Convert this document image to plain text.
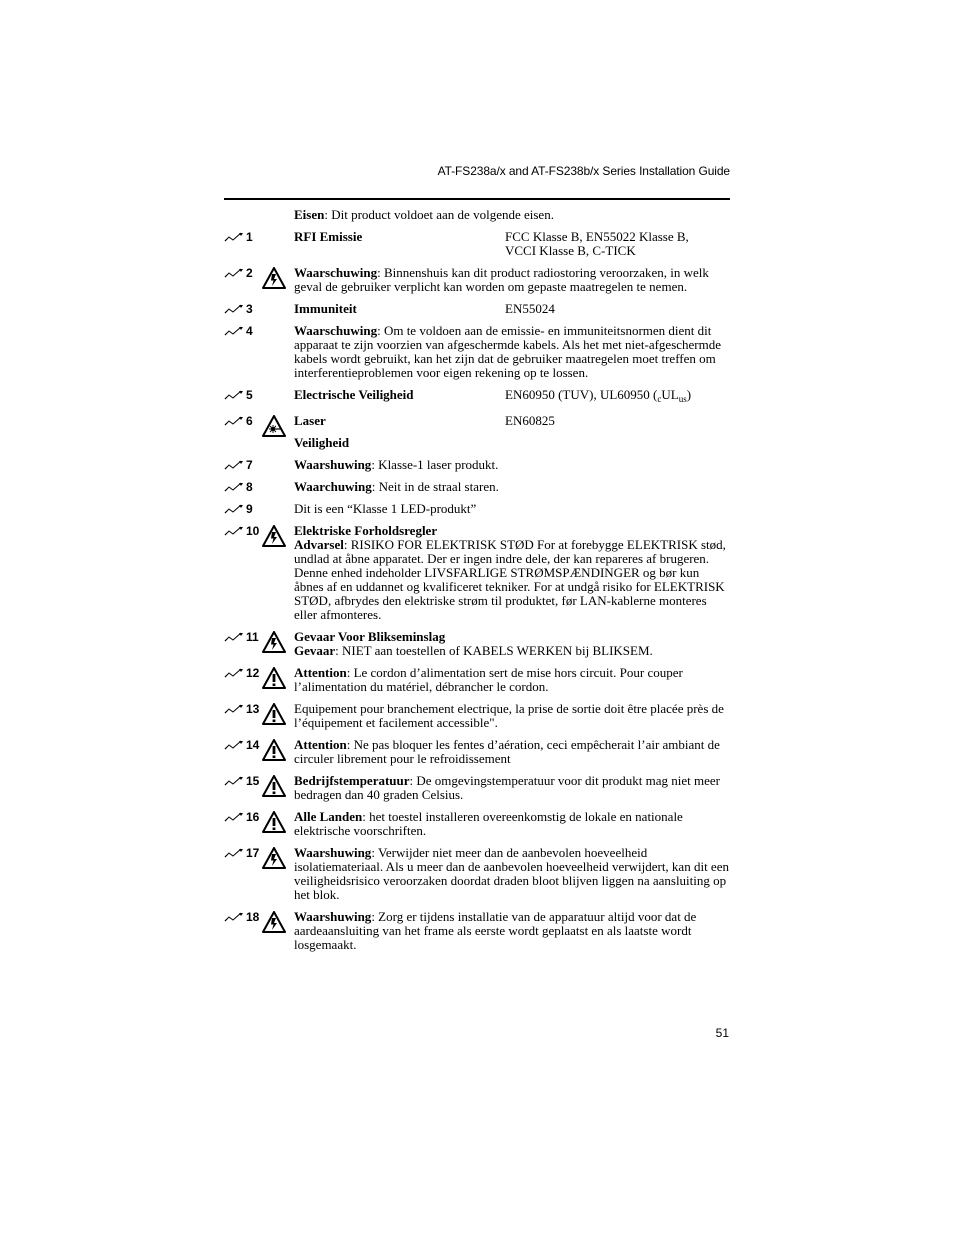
AT-FS238a/x and AT-FS238b/x Series Installation Guide
Eisen: Dit product voldoet aan de volgende eisen.
1	RFI Emissie	FCC Klasse B, EN55022 Klasse B,
VCCI Klasse B, C-TICK
2	Waarschuwing: Binnenshuis kan dit product radiostoring veroorzaken, in welk geval de gebruiker verplicht kan worden om gepaste maatregelen te nemen.
3	Immuniteit	EN55024
4	Waarschuwing: Om te voldoen aan de emissie- en immuniteitsnormen dient dit apparaat te zijn voorzien van afgeschermde kabels. Als het met niet-afgeschermde kabels wordt gebruikt, kan het zijn dat de gebruiker maatregelen moet treffen om interferentieproblemen voor eigen rekening op te lossen.
5	Electrische Veiligheid	EN60950 (TUV), UL60950 $(_cUL_{us})$
6	Laser	EN60825
Veiligheid
7	Waarshuwing: Klasse-1 laser produkt.
8	Waarchuwing: Neit in de straal staren.
9	Dit is een “Klasse 1 LED-produkt”
10	Elektriske Forholdsregler
Advarsel: RISIKO FOR ELEKTRISK STØD For at forebygge ELEKTRISK stød, undlad at åbne apparatet. Der er ingen indre dele, der kan repareres af brugeren. Denne enhed indeholder LIVSFARLIGE STRØMSPÆNDINGER og bør kun åbnes af en uddannet og kvalificeret tekniker. For at undgå risiko for ELEKTRISK STØD, afbrydes den elektriske strøm til produktet, før LAN-kablerne monteres eller afmonteres.
11	Gevaar Voor Blikseminslag
Gevaar: NIET aan toestellen of KABELS WERKEN bij BLIKSEM.
12	Attention: Le cordon d’alimentation sert de mise hors circuit. Pour couper l’alimentation du matériel, débrancher le cordon.
13	Equipement pour branchement electrique, la prise de sortie doit être placée près de l’équipement et facilement accessible".
14	Attention: Ne pas bloquer les fentes d’aération, ceci empêcherait l’air ambiant de circuler librement pour le refroidissement
15	Bedrijfstemperatuur: De omgevingstemperatuur voor dit produkt mag niet meer bedragen dan 40 graden Celsius.
16	Alle Landen: het toestel installeren overeenkomstig de lokale en nationale elektrische voorschriften.
17	Waarshuwing: Verwijder niet meer dan de aanbevolen hoeveelheid isolatiemateriaal. Als u meer dan de aanbevolen hoeveelheid verwijdert, kan dit een veiligheidsrisico veroorzaken doordat draden bloot blijven liggen na aansluiting op het blok.
18	Waarshuwing: Zorg er tijdens installatie van de apparatuur altijd voor dat de aardeaansluiting van het frame als eerste wordt geplaatst en als laatste wordt losgemaakt.
51
